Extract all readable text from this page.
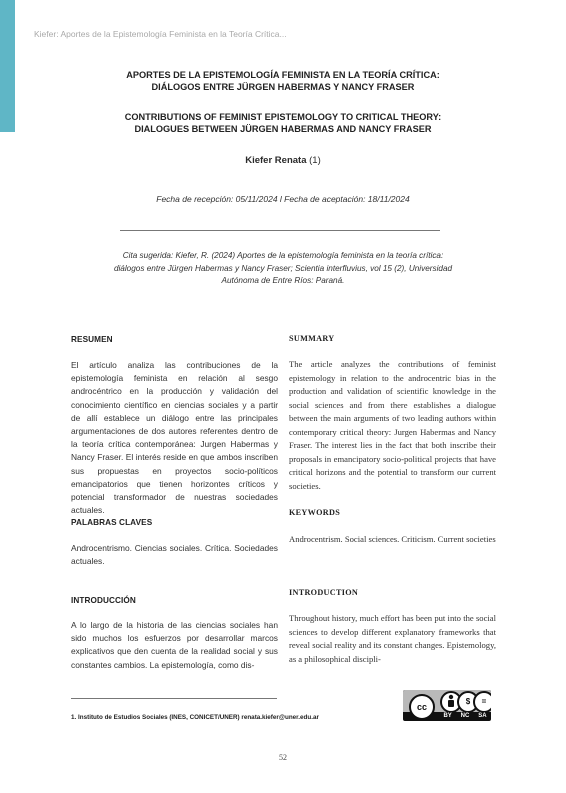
Kiefer: Aportes de la Epistemología Feminista en la Teoría Crítica...
APORTES DE LA EPISTEMOLOGÍA FEMINISTA EN LA TEORÍA CRÍTICA:
DIÁLOGOS ENTRE JÜRGEN HABERMAS Y NANCY FRASER
CONTRIBUTIONS OF FEMINIST EPISTEMOLOGY TO CRITICAL THEORY:
DIALOGUES BETWEEN JÜRGEN HABERMAS AND NANCY FRASER
Kiefer Renata (1)
Fecha de recepción: 05/11/2024 l Fecha de aceptación: 18/11/2024
Cita sugerida: Kiefer, R. (2024) Aportes de la epistemología feminista en la teoría crítica:
diálogos entre Jürgen Habermas y Nancy Fraser; Scientia interfluvius, vol 15 (2), Universidad
Autónoma de Entre Ríos: Paraná.
RESUMEN
El artículo analiza las contribuciones de la epistemología feminista en relación al sesgo androcéntrico en la producción y validación del conocimiento científico en ciencias sociales y a partir de allí establece un diálogo entre las principales argumentaciones de dos autores referentes dentro de la teoría crítica contemporánea: Jurgen Habermas y Nancy Fraser. El interés reside en que ambos inscriben sus propuestas en proyectos socio-políticos emancipatorios que tienen horizontes críticos y potencial transformador de nuestras sociedades actuales.
PALABRAS CLAVES
Androcentrismo. Ciencias sociales. Crítica. Sociedades actuales.
INTRODUCCIÓN
A lo largo de la historia de las ciencias sociales han sido muchos los esfuerzos por desarrollar marcos explicativos que den cuenta de la realidad social y sus constantes cambios. La epistemología, como dis-
SUMMARY
The article analyzes the contributions of feminist epistemology in relation to the androcentric bias in the production and validation of scientific knowledge in the social sciences and from there establishes a dialogue between the main arguments of two leading authors within contemporary critical theory: Jurgen Habermas and Nancy Fraser. The interest lies in the fact that both inscribe their proposals in emancipatory socio-political projects that have critical horizons and the potential to transform our current societies.
KEYWORDS
Androcentrism. Social sciences. Criticism. Current societies
INTRODUCTION
Throughout history, much effort has been put into the social sciences to develop different explanatory frameworks that reveal social reality and its constant changes. Epistemology, as a philosophical discipli-
1. Instituto de Estudios Sociales (INES, CONICET/UNER) renata.kiefer@uner.edu.ar
cc
$	=
BY NC SA
52
